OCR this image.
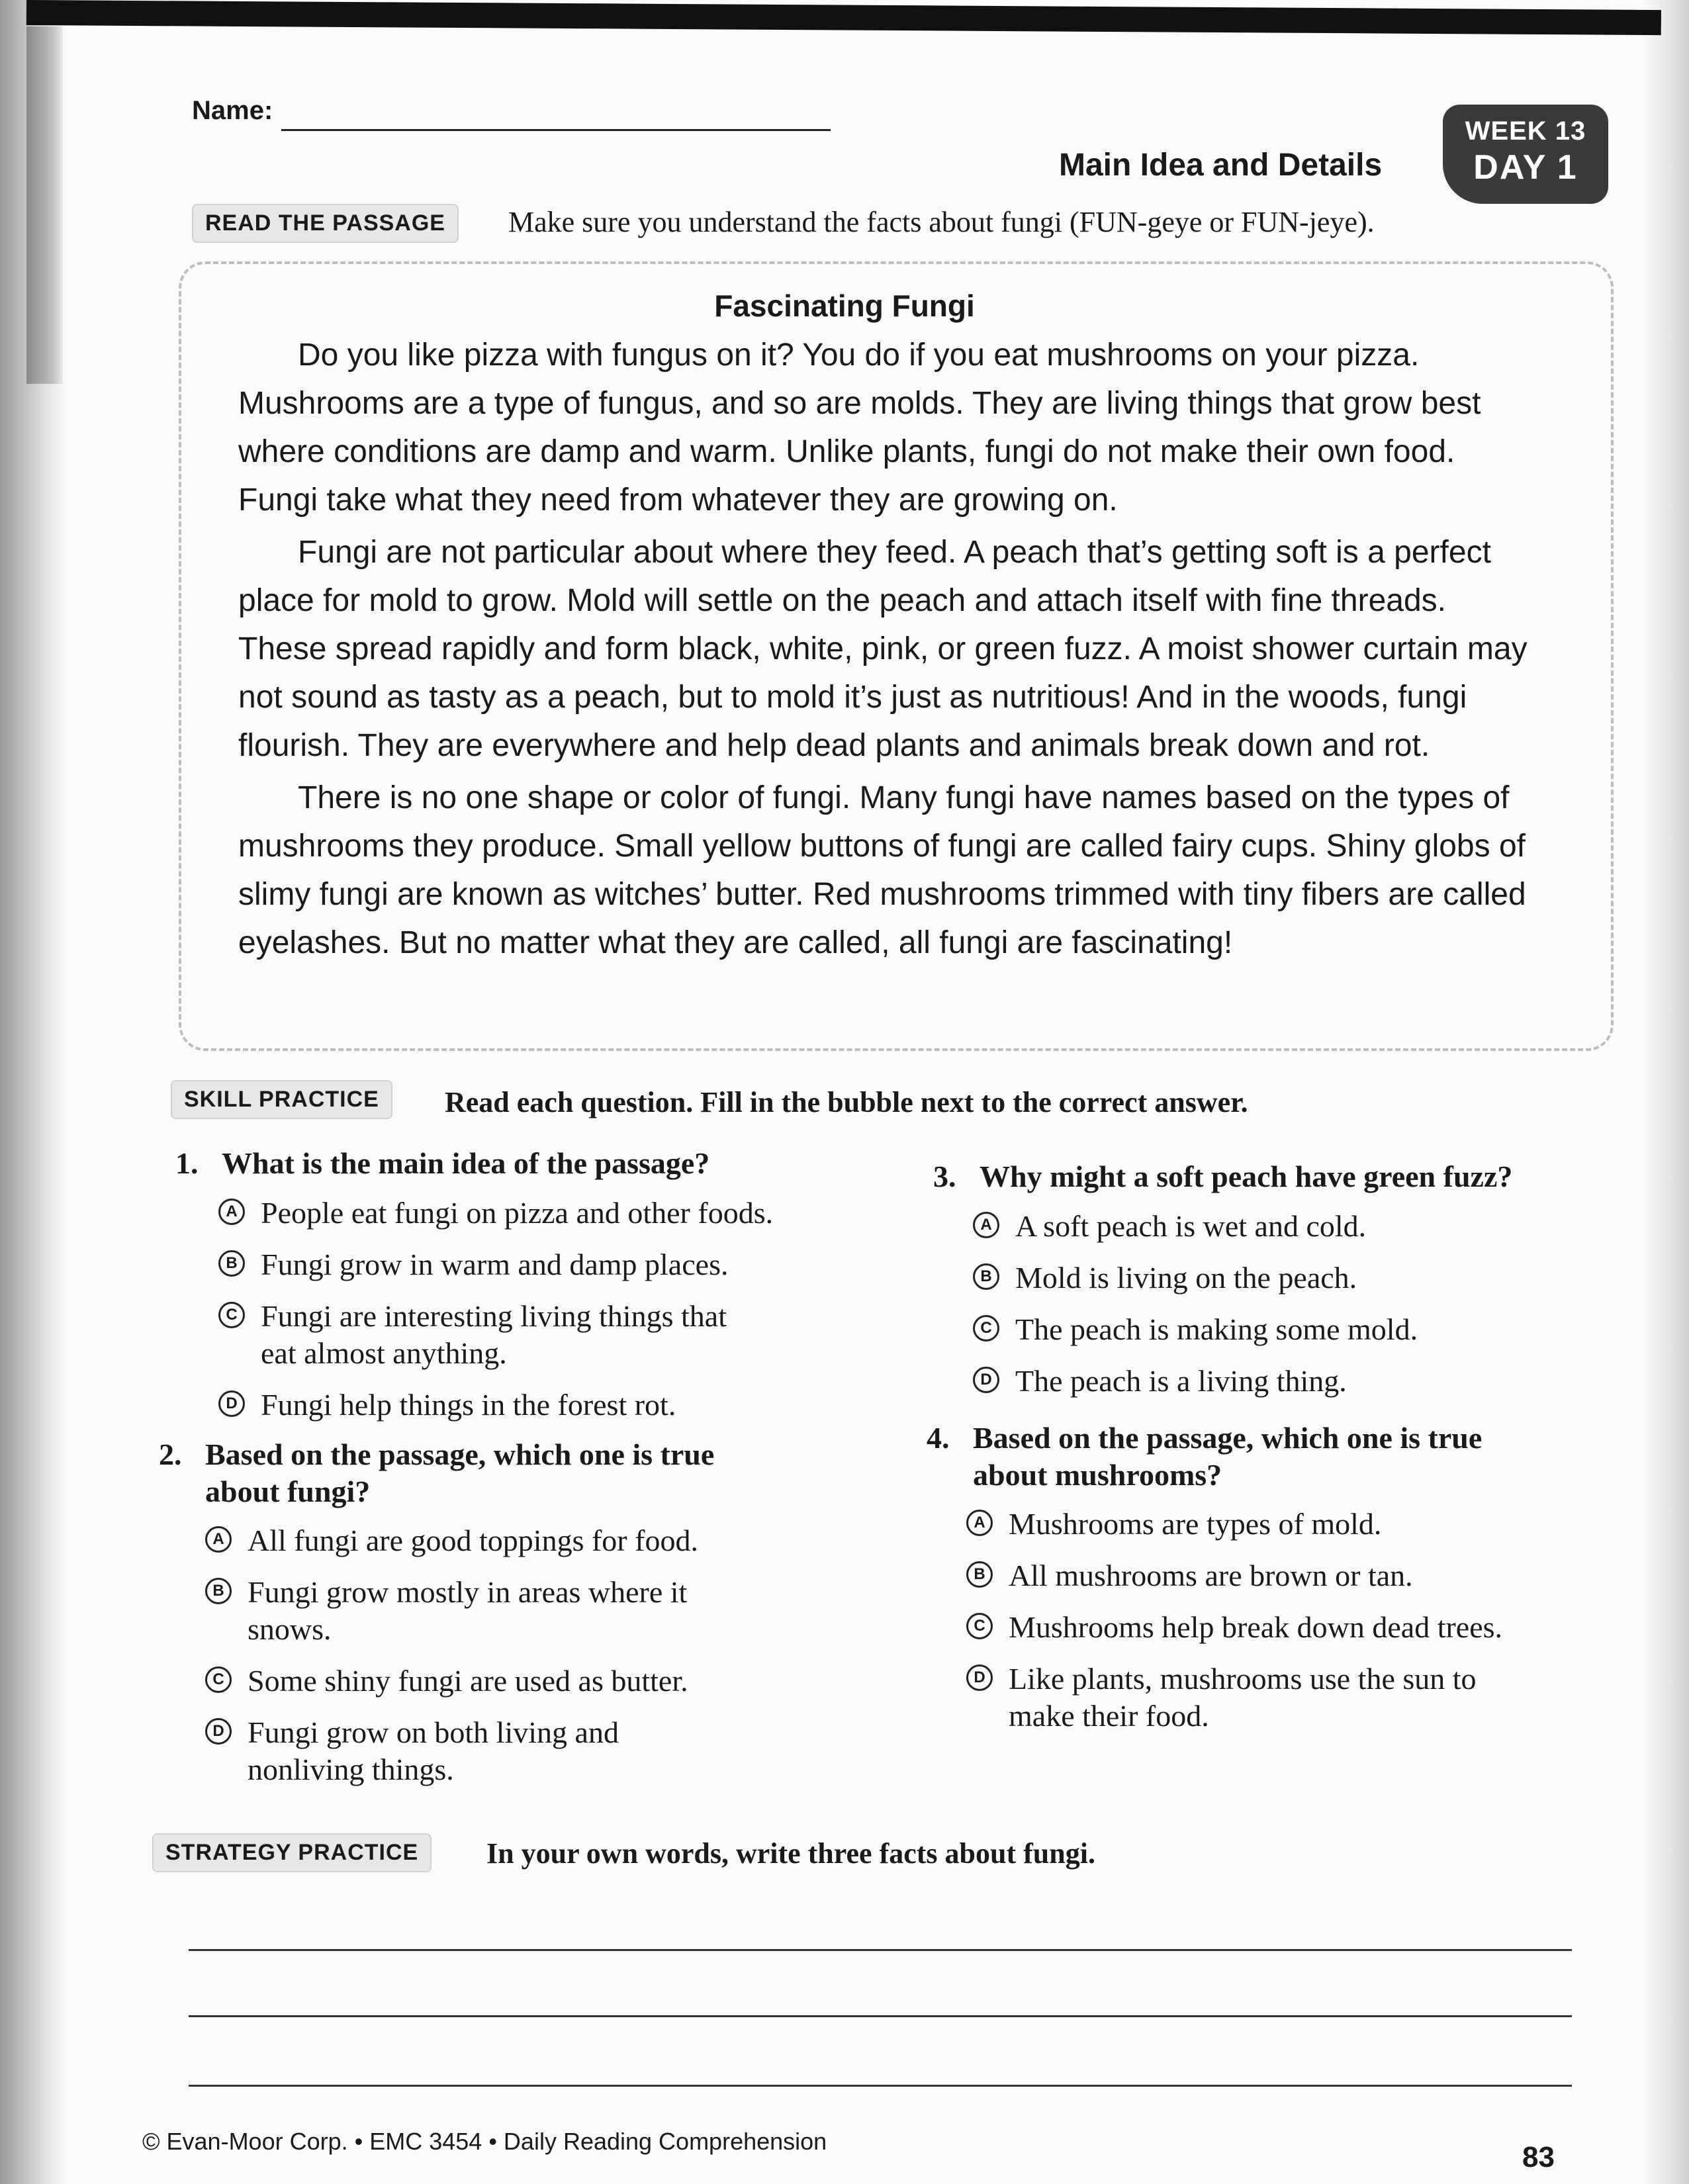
Name:
Main Idea and Details
WEEK 13
DAY 1
READ THE PASSAGE	Make sure you understand the facts about fungi (FUN-geye or FUN-jeye).
Fascinating Fungi

Do you like pizza with fungus on it? You do if you eat mushrooms on your pizza. Mushrooms are a type of fungus, and so are molds. They are living things that grow best where conditions are damp and warm. Unlike plants, fungi do not make their own food. Fungi take what they need from whatever they are growing on.

Fungi are not particular about where they feed. A peach that’s getting soft is a perfect place for mold to grow. Mold will settle on the peach and attach itself with fine threads. These spread rapidly and form black, white, pink, or green fuzz. A moist shower curtain may not sound as tasty as a peach, but to mold it’s just as nutritious! And in the woods, fungi flourish. They are everywhere and help dead plants and animals break down and rot.

There is no one shape or color of fungi. Many fungi have names based on the types of mushrooms they produce. Small yellow buttons of fungi are called fairy cups. Shiny globs of slimy fungi are known as witches’ butter. Red mushrooms trimmed with tiny fibers are called eyelashes. But no matter what they are called, all fungi are fascinating!

SKILL PRACTICE	Read each question. Fill in the bubble next to the correct answer.
1. What is the main idea of the passage?
A People eat fungi on pizza and other foods.
B Fungi grow in warm and damp places.
C Fungi are interesting living things that eat almost anything.
D Fungi help things in the forest rot.
2. Based on the passage, which one is true about fungi?
A All fungi are good toppings for food.
B Fungi grow mostly in areas where it snows.
C Some shiny fungi are used as butter.
D Fungi grow on both living and nonliving things.
3. Why might a soft peach have green fuzz?
A A soft peach is wet and cold.
B Mold is living on the peach.
C The peach is making some mold.
D The peach is a living thing.
4. Based on the passage, which one is true about mushrooms?
A Mushrooms are types of mold.
B All mushrooms are brown or tan.
C Mushrooms help break down dead trees.
D Like plants, mushrooms use the sun to make their food.
STRATEGY PRACTICE	In your own words, write three facts about fungi.
© Evan-Moor Corp. • EMC 3454 • Daily Reading Comprehension	83
